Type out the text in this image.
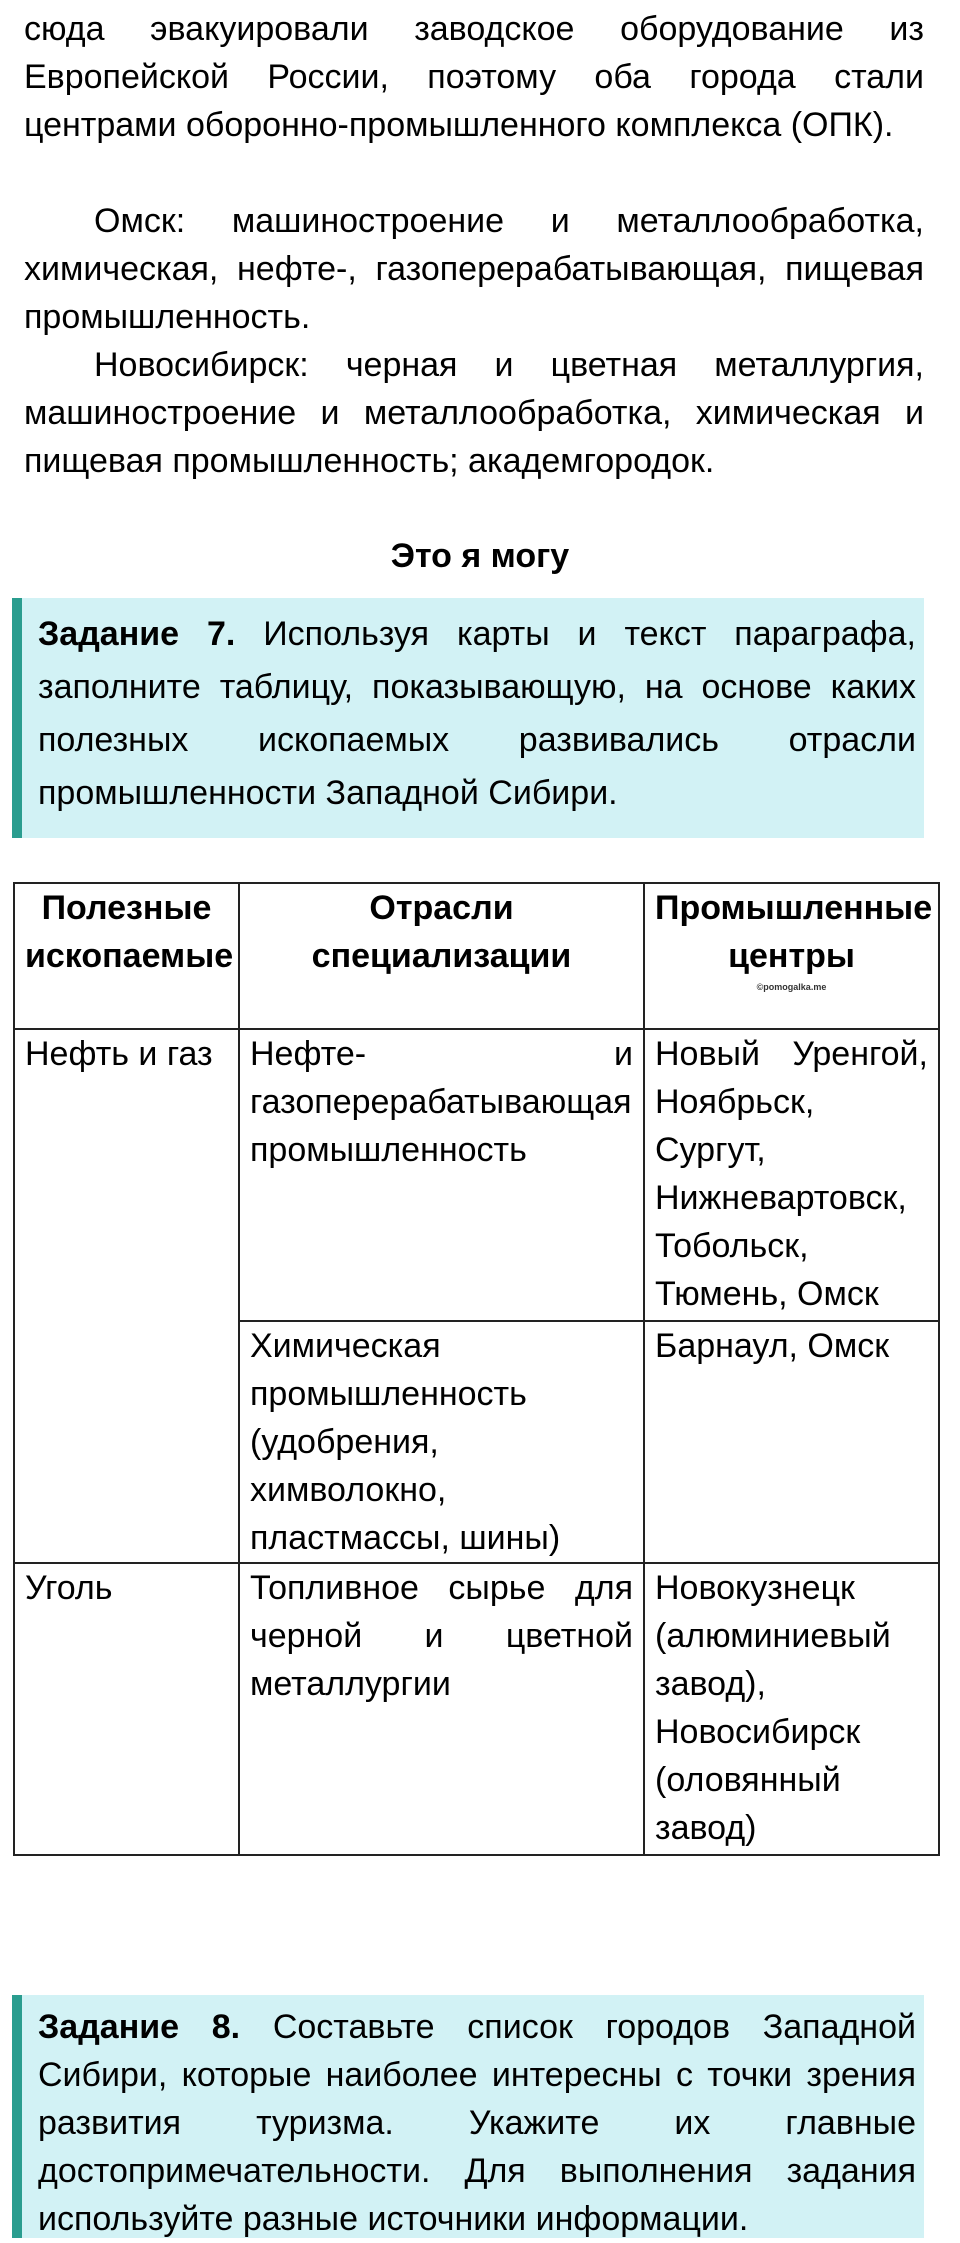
сюда эвакуировали заводское оборудование из Европейской России, поэтому оба города стали центрами оборонно-промышленного комплекса (ОПК).

Омск: машиностроение и металлообработка, химическая, нефте-, газоперерабатывающая, пищевая промышленность.

Новосибирск: черная и цветная металлургия, машиностроение и металлообработка, химическая и пищевая промышленность; академгородок.

Это я могу
Задание 7. Используя карты и текст параграфа, заполните таблицу, показывающую, на основе каких полезных ископаемых развивались отрасли промышленности Западной Сибири.
Полезные ископаемые	Отрасли специализации	Промышленные центры
©pomogalka.me

Нефть и газ	Нефте- и газоперерабатывающая промышленность	Новый Уренгой, Ноябрьск, Сургут, Нижневартовск, Тобольск, Тюмень, Омск
	Химическая промышленность (удобрения, химволокно, пластмассы, шины)	Барнаул, Омск
Уголь	Топливное сырье для черной и цветной металлургии	Новокузнецк (алюминиевый завод), Новосибирск (оловянный завод)
Задание 8. Составьте список городов Западной Сибири, которые наиболее интересны с точки зрения развития туризма. Укажите их главные достопримечательности. Для выполнения задания используйте разные источники информации.
